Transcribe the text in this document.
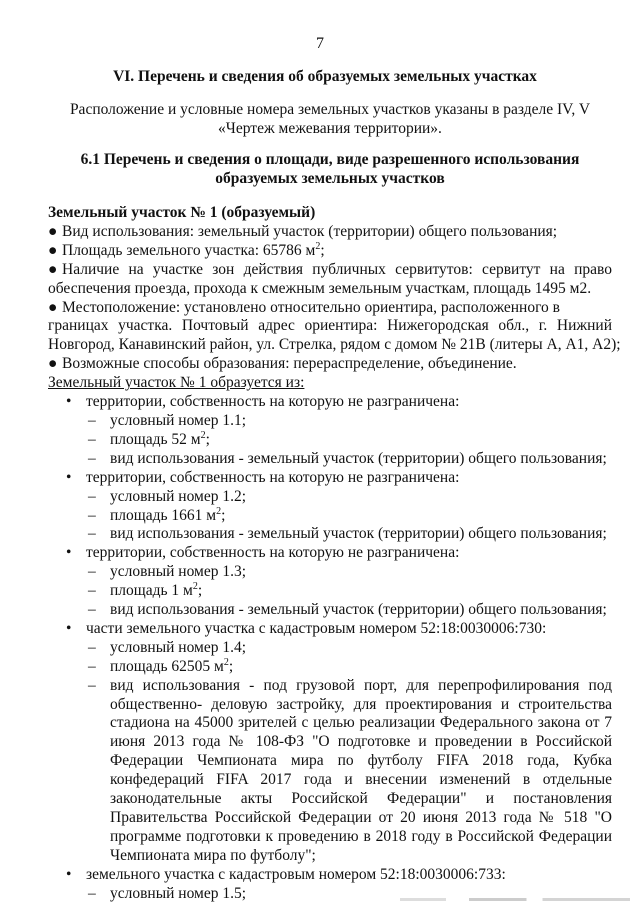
7
VI. Перечень и сведения об образуемых земельных участках
Расположение и условные номера земельных участков указаны в разделе IV, V
«Чертеж межевания территории».
6.1 Перечень и сведения о площади, виде разрешенного использования
образуемых земельных участков
Земельный участок № 1 (образуемый)
● Вид использования: земельный участок (территории) общего пользования;
● Площадь земельного участка: 65786 $м^2$;
● Наличие на участке зон действия публичных сервитутов: сервитут на право
обеспечения проезда, прохода к смежным земельным участкам, площадь 1495 м2.
● Местоположение: установлено относительно ориентира, расположенного в
границах участка. Почтовый адрес ориентира: Нижегородская обл., г. Нижний
Новгород, Канавинский район, ул. Стрелка, рядом с домом № 21В (литеры А, А1, А2);
● Возможные способы образования: перераспределение, объединение.
Земельный участок № 1 образуется из:
• территории, собственность на которую не разграничена:
– условный номер 1.1;
– площадь 52 $м^2$;
– вид использования - земельный участок (территории) общего пользования;
• территории, собственность на которую не разграничена:
– условный номер 1.2;
– площадь 1661 $м^2$;
– вид использования - земельный участок (территории) общего пользования;
• территории, собственность на которую не разграничена:
– условный номер 1.3;
– площадь 1 $м^2$;
– вид использования - земельный участок (территории) общего пользования;
• части земельного участка с кадастровым номером 52:18:0030006:730:
– условный номер 1.4;
– площадь 62505 $м^2$;
– вид использования - под грузовой порт, для перепрофилирования под общественно- деловую застройку, для проектирования и строительства стадиона на 45000 зрителей с целью реализации Федерального закона от 7 июня 2013 года № 108-ФЗ "О подготовке и проведении в Российской Федерации Чемпионата мира по футболу FIFA 2018 года, Кубка конфедераций FIFA 2017 года и внесении изменений в отдельные законодательные акты Российской Федерации" и постановления Правительства Российской Федерации от 20 июня 2013 года № 518 "О программе подготовки к проведению в 2018 году в Российской Федерации Чемпионата мира по футболу";
• земельного участка с кадастровым номером 52:18:0030006:733:
– условный номер 1.5;
